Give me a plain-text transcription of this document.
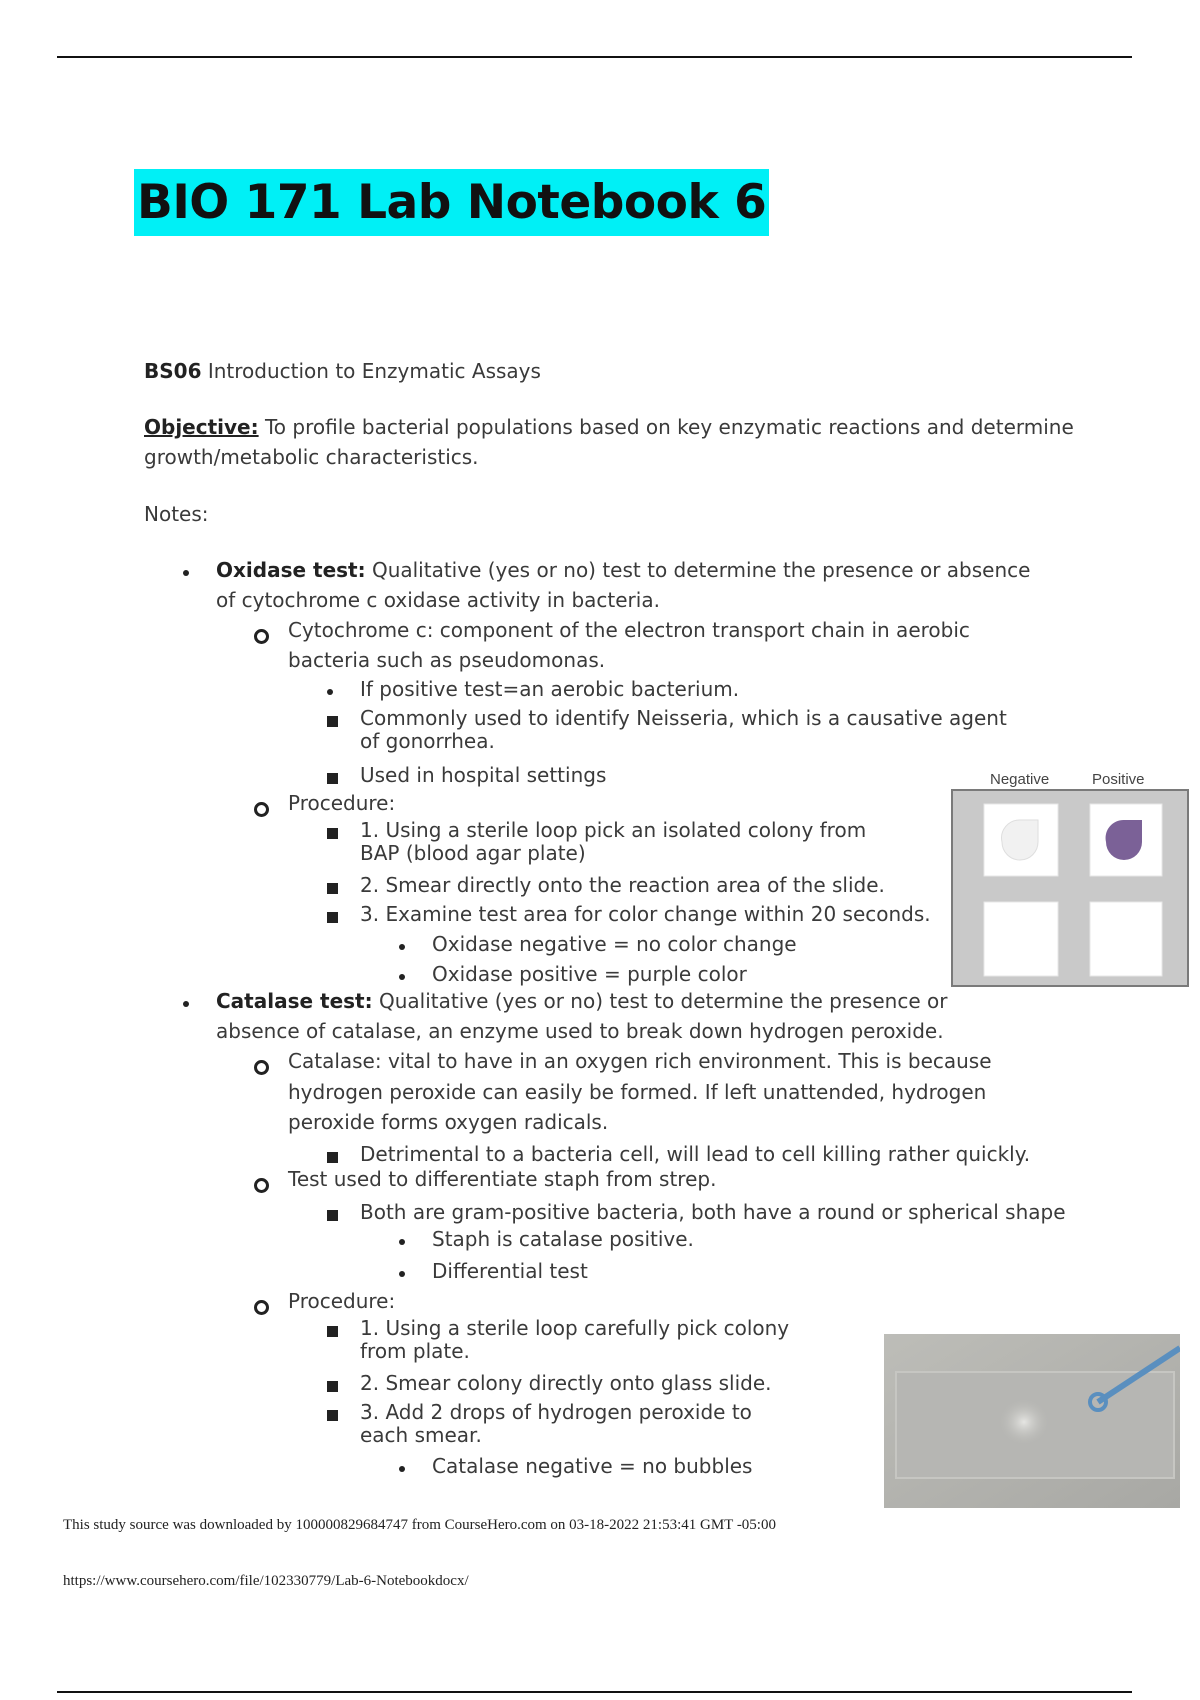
BIO 171 Lab Notebook 6
BS06 Introduction to Enzymatic Assays
Objective: To profile bacterial populations based on key enzymatic reactions and determine
growth/metabolic characteristics.
Notes:
Oxidase test: Qualitative (yes or no) test to determine the presence or absence
of cytochrome c oxidase activity in bacteria.
Cytochrome c: component of the electron transport chain in aerobic
bacteria such as pseudomonas.
If positive test=an aerobic bacterium.
Commonly used to identify Neisseria, which is a causative agent
of gonorrhea.
Used in hospital settings
Procedure:
1. Using a sterile loop pick an isolated colony from
BAP (blood agar plate)
2. Smear directly onto the reaction area of the slide.
3. Examine test area for color change within 20 seconds.
Oxidase negative = no color change
Oxidase positive = purple color
Negative	Positive
Catalase test: Qualitative (yes or no) test to determine the presence or
absence of catalase, an enzyme used to break down hydrogen peroxide.
Catalase: vital to have in an oxygen rich environment. This is because
hydrogen peroxide can easily be formed. If left unattended, hydrogen
peroxide forms oxygen radicals.
Detrimental to a bacteria cell, will lead to cell killing rather quickly.
Test used to differentiate staph from strep.
Both are gram-positive bacteria, both have a round or spherical shape
Staph is catalase positive.
Differential test
Procedure:
1. Using a sterile loop carefully pick colony
from plate.
2. Smear colony directly onto glass slide.
3. Add 2 drops of hydrogen peroxide to
each smear.
Catalase negative = no bubbles
This study source was downloaded by 100000829684747 from CourseHero.com on 03-18-2022 21:53:41 GMT -05:00
https://www.coursehero.com/file/102330779/Lab-6-Notebookdocx/
